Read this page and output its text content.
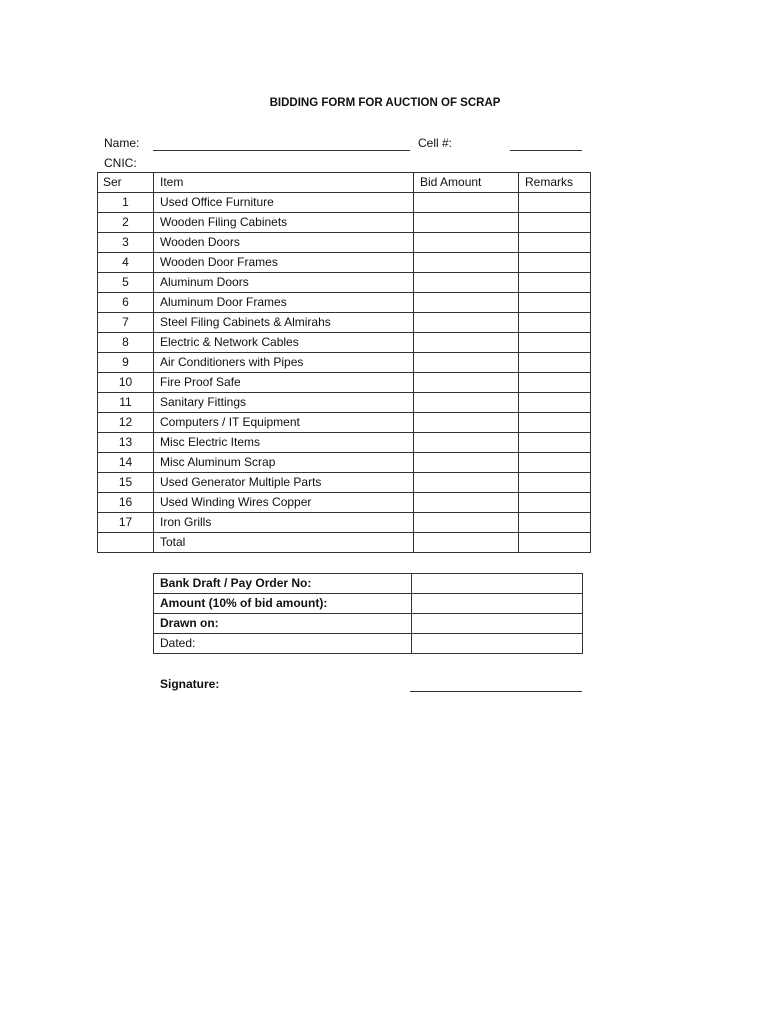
BIDDING FORM FOR AUCTION OF SCRAP
Name:	Cell #:
CNIC:
Ser	Item	Bid Amount	Remarks
1	Used Office Furniture		
2	Wooden Filing Cabinets		
3	Wooden Doors		
4	Wooden Door Frames		
5	Aluminum Doors		
6	Aluminum Door Frames		
7	Steel Filing Cabinets & Almirahs		
8	Electric & Network Cables		
9	Air Conditioners with Pipes		
10	Fire Proof Safe		
11	Sanitary Fittings		
12	Computers / IT Equipment		
13	Misc Electric Items		
14	Misc Aluminum Scrap		
15	Used Generator Multiple Parts		
16	Used Winding Wires Copper		
17	Iron Grills		
	Total		
Bank Draft / Pay Order No:	
Amount (10% of bid amount):	
Drawn on:	
Dated:	
Signature:
